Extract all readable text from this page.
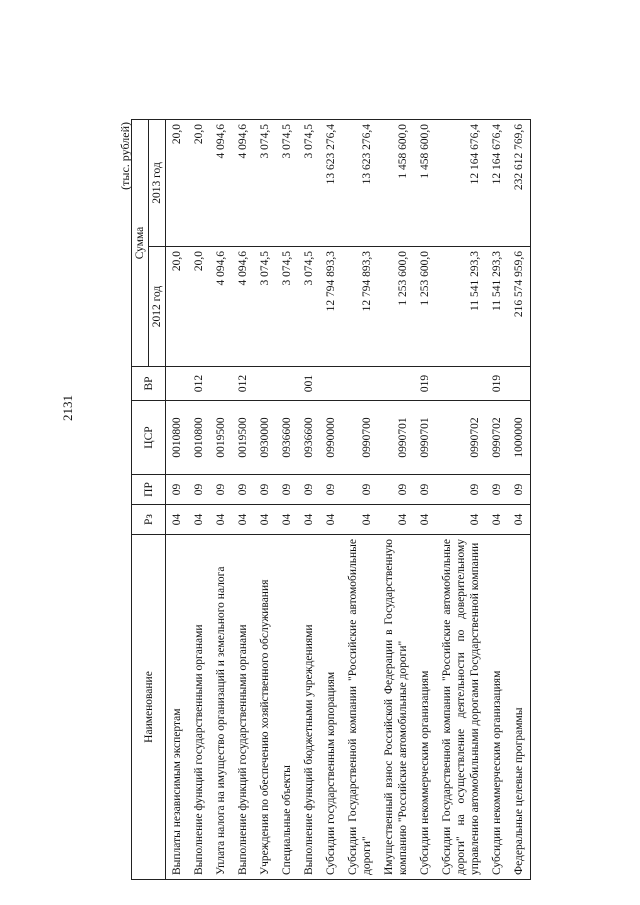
2131
(тыс. рублей)
Наименование	Рз	ПР	ЦСР	ВР	Сумма	
					2012 год	2013 год
Выплаты независимым экспертам	04	09	0010800		20,0	20,0
Выполнение функций государственными органами	04	09	0010800	012	20,0	20,0
Уплата налога на имущество организаций и земельного налога	04	09	0019500		4 094,6	4 094,6
Выполнение функций государственными органами	04	09	0019500	012	4 094,6	4 094,6
Учреждения по обеспечению хозяйственного обслуживания	04	09	0930000		3 074,5	3 074,5
Специальные объекты	04	09	0936600		3 074,5	3 074,5
Выполнение функций бюджетными учреждениями	04	09	0936600	001	3 074,5	3 074,5
Субсидии государственным корпорациям	04	09	0990000		12 794 893,3	13 623 276,4
Субсидии Государственной компании "Российские автомобильные дороги"	04	09	0990700		12 794 893,3	13 623 276,4
Имущественный взнос Российской Федерации в Государственную компанию "Российские автомобильные дороги"	04	09	0990701		1 253 600,0	1 458 600,0
Субсидии некоммерческим организациям	04	09	0990701	019	1 253 600,0	1 458 600,0
Субсидии Государственной компании "Российские автомобильные дороги" на осуществление деятельности по доверительному управлению автомобильными дорогами Государственной компании	04	09	0990702		11 541 293,3	12 164 676,4
Субсидии некоммерческим организациям	04	09	0990702	019	11 541 293,3	12 164 676,4
Федеральные целевые программы	04	09	1000000		216 574 959,6	232 612 769,6
